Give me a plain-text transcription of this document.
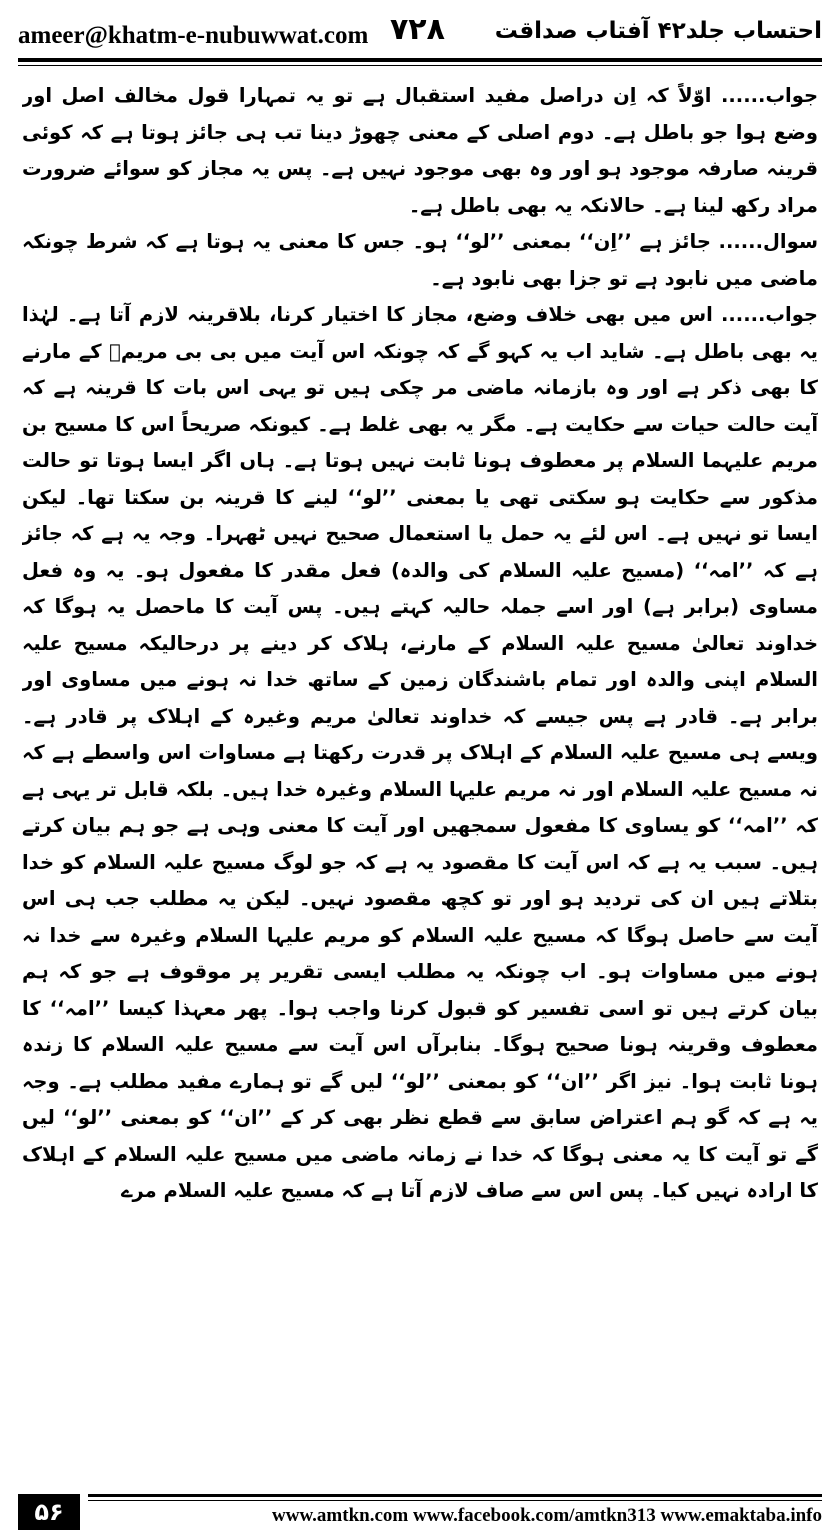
ameer@khatm-e-nubuwwat.com ۷۲۸ احتساب جلد۴۲ آفتاب صداقت

جواب...... اوّلاً کہ اِن دراصل مفید استقبال ہے تو یہ تمہارا قول مخالف اصل اور وضع ہوا جو باطل ہے۔ دوم اصلی کے معنی چھوڑ دینا تب ہی جائز ہوتا ہے کہ کوئی قرینہ صارفہ موجود ہو اور وہ بھی موجود نہیں ہے۔ پس یہ مجاز کو سوائے ضرورت مراد رکھ لینا ہے۔ حالانکہ یہ بھی باطل ہے۔

سوال...... جائز ہے ’’اِن‘‘ بمعنی ’’لو‘‘ ہو۔ جس کا معنی یہ ہوتا ہے کہ شرط چونکہ ماضی میں نابود ہے تو جزا بھی نابود ہے۔

جواب...... اس میں بھی خلاف وضع، مجاز کا اختیار کرنا، بلاقرینہ لازم آتا ہے۔ لہٰذا یہ بھی باطل ہے۔ شاید اب یہ کہو گے کہ چونکہ اس آیت میں بی بی مریمؑ کے مارنے کا بھی ذکر ہے اور وہ بازمانہ ماضی مر چکی ہیں تو یہی اس بات کا قرینہ ہے کہ آیت حالت حیات سے حکایت ہے۔ مگر یہ بھی غلط ہے۔ کیونکہ صریحاً اس کا مسیح بن مریم علیہما السلام پر معطوف ہونا ثابت نہیں ہوتا ہے۔ ہاں اگر ایسا ہوتا تو حالت مذکور سے حکایت ہو سکتی تھی یا بمعنی ’’لو‘‘ لینے کا قرینہ بن سکتا تھا۔ لیکن ایسا تو نہیں ہے۔ اس لئے یہ حمل یا استعمال صحیح نہیں ٹھہرا۔ وجہ یہ ہے کہ جائز ہے کہ ’’امہ‘‘ (مسیح علیہ السلام کی والدہ) فعل مقدر کا مفعول ہو۔ یہ وہ فعل مساوی (برابر ہے) اور اسے جملہ حالیہ کہتے ہیں۔ پس آیت کا ماحصل یہ ہوگا کہ خداوند تعالیٰ مسیح علیہ السلام کے مارنے، ہلاک کر دینے پر درحالیکہ مسیح علیہ السلام اپنی والدہ اور تمام باشندگان زمین کے ساتھ خدا نہ ہونے میں مساوی اور برابر ہے۔ قادر ہے پس جیسے کہ خداوند تعالیٰ مریم وغیرہ کے اہلاک پر قادر ہے۔ ویسے ہی مسیح علیہ السلام کے اہلاک پر قدرت رکھتا ہے مساوات اس واسطے ہے کہ نہ مسیح علیہ السلام اور نہ مریم علیہا السلام وغیرہ خدا ہیں۔ بلکہ قابل تر یہی ہے کہ ’’امہ‘‘ کو یساوی کا مفعول سمجھیں اور آیت کا معنی وہی ہے جو ہم بیان کرتے ہیں۔ سبب یہ ہے کہ اس آیت کا مقصود یہ ہے کہ جو لوگ مسیح علیہ السلام کو خدا بتلاتے ہیں ان کی تردید ہو اور تو کچھ مقصود نہیں۔ لیکن یہ مطلب جب ہی اس آیت سے حاصل ہوگا کہ مسیح علیہ السلام کو مریم علیہا السلام وغیرہ سے خدا نہ ہونے میں مساوات ہو۔ اب چونکہ یہ مطلب ایسی تقریر پر موقوف ہے جو کہ ہم بیان کرتے ہیں تو اسی تفسیر کو قبول کرنا واجب ہوا۔ پھر معہذا کیسا ’’امہ‘‘ کا معطوف وقرینہ ہونا صحیح ہوگا۔ بنابرآں اس آیت سے مسیح علیہ السلام کا زندہ ہونا ثابت ہوا۔ نیز اگر ’’ان‘‘ کو بمعنی ’’لو‘‘ لیں گے تو ہمارے مفید مطلب ہے۔ وجہ یہ ہے کہ گو ہم اعتراض سابق سے قطع نظر بھی کر کے ’’ان‘‘ کو بمعنی ’’لو‘‘ لیں گے تو آیت کا یہ معنی ہوگا کہ خدا نے زمانہ ماضی میں مسیح علیہ السلام کے اہلاک کا ارادہ نہیں کیا۔ پس اس سے صاف لازم آتا ہے کہ مسیح علیہ السلام مرے

۵۶	www.amtkn.com www.facebook.com/amtkn313 www.emaktaba.info
